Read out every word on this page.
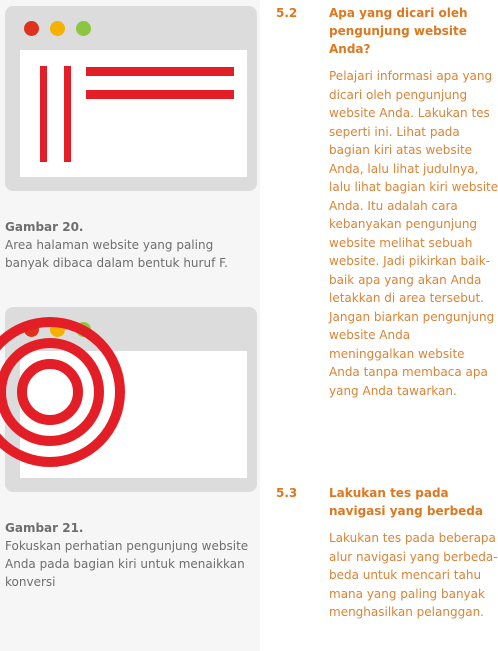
Gambar 20.
Area halaman website yang paling banyak dibaca dalam bentuk huruf F.
Gambar 21.
Fokuskan perhatian pengunjung website Anda pada bagian kiri untuk menaikkan konversi
5.2	Apa yang dicari oleh pengunjung website Anda?
Pelajari informasi apa yang dicari oleh pengunjung website Anda. Lakukan tes seperti ini. Lihat pada bagian kiri atas website Anda, lalu lihat judulnya, lalu lihat bagian kiri website Anda. Itu adalah cara kebanyakan pengunjung website melihat sebuah website. Jadi pikirkan baik-baik apa yang akan Anda letakkan di area tersebut. Jangan biarkan pengunjung website Anda meninggalkan website Anda tanpa membaca apa yang Anda tawarkan.
5.3	Lakukan tes pada navigasi yang berbeda
Lakukan tes pada beberapa alur navigasi yang berbeda-beda untuk mencari tahu mana yang paling banyak menghasilkan pelanggan.
